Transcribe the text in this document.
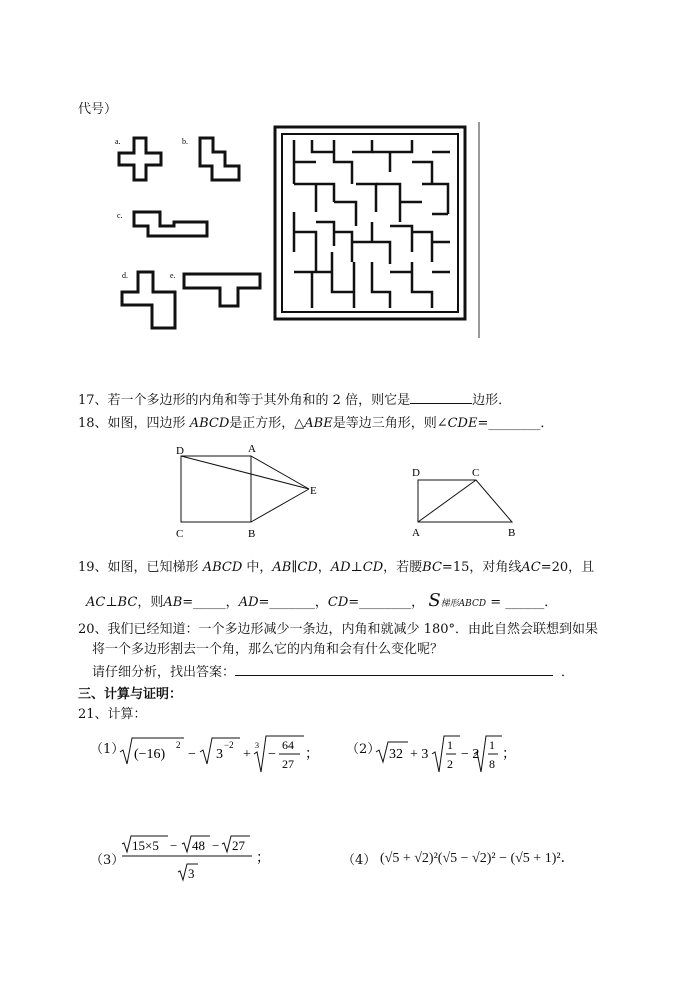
代号）
a.	b.
c.
d.	e.
17、若一个多边形的内角和等于其外角和的 2 倍，则它是	边形．
18、如图，四边形 ABCD是正方形，△ABE是等边三角形，则∠CDE=________．
D	A
E
C	B
D	C
A	B
19、如图，已知梯形 ABCD 中，AB∥CD，AD⊥CD，若腰BC=15，对角线AC=20，且
AC⊥BC，则AB=_____，AD=_______，CD=________， S梯形ABCD = ______．
20、我们已经知道：一个多边形减少一条边，内角和就减少 180°．由此自然会联想到如果
将一个多边形割去一个角，那么它的内角和会有什么变化呢？
请仔细分析，找出答案：	．
三、计算与证明：
21、计算：
（1） (−16)
2
− 3
−2
+
3
−
64
27
； （2） 32 + 3
1
2
− 2
1
8
；
（3）
15×5 − 48 − 27
3
；	（4） (√5 + √2)²(√5 − √2)² − (√5 + 1)²．
